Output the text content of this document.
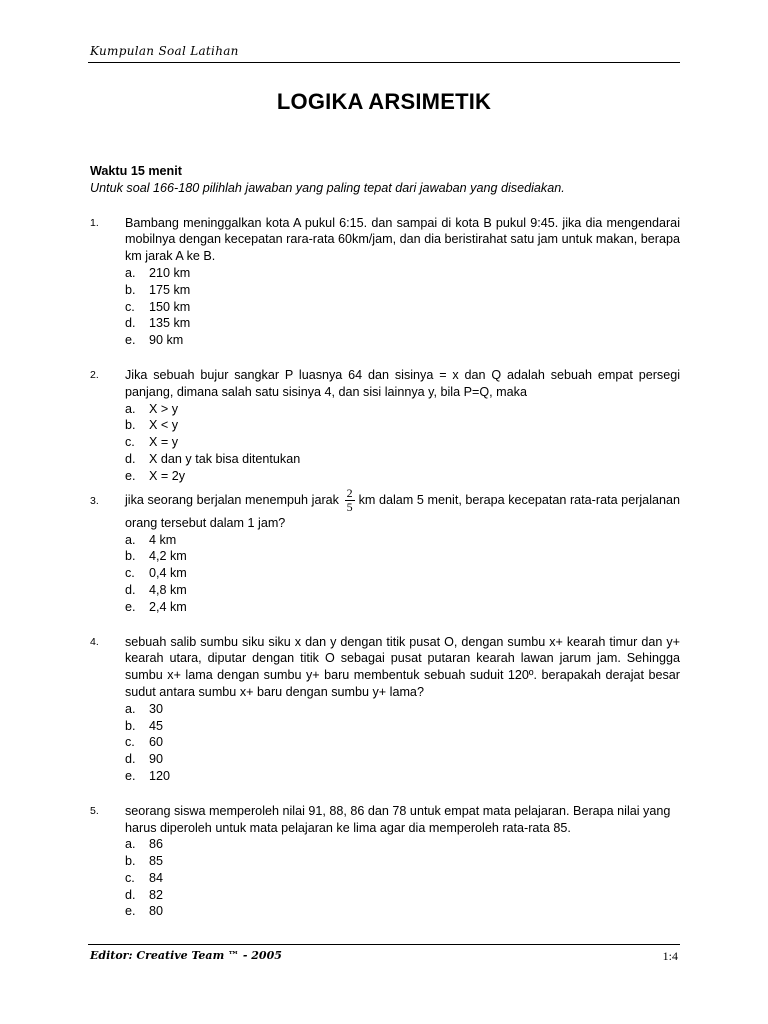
Kumpulan Soal Latihan
LOGIKA ARSIMETIK
Waktu 15 menit
Untuk soal 166-180 pilihlah jawaban yang paling tepat dari jawaban yang disediakan.
1. Bambang meninggalkan kota A pukul 6:15. dan sampai di kota B pukul 9:45. jika dia mengendarai mobilnya dengan kecepatan rara-rata 60km/jam, dan dia beristirahat satu jam untuk makan, berapa km jarak A ke B.
a.	210 km
b.	175 km
c.	150 km
d.	135 km
e.	90 km
2. Jika sebuah bujur sangkar P luasnya 64 dan sisinya = x dan Q adalah sebuah empat persegi panjang, dimana salah satu sisinya 4, dan sisi lainnya y, bila P=Q, maka
a.	X > y
b.	X < y
c.	X = y
d.	X dan y tak bisa ditentukan
e.	X = 2y
3. jika seorang berjalan menempuh jarak $\frac{2}{5}$ km dalam 5 menit, berapa kecepatan rata-rata perjalanan orang tersebut dalam 1 jam?
a.	4 km
b.	4,2 km
c.	0,4 km
d.	4,8 km
e.	2,4 km
4. sebuah salib sumbu siku siku x dan y dengan titik pusat O, dengan sumbu x+ kearah timur dan y+ kearah utara, diputar dengan titik O sebagai pusat putaran kearah lawan jarum jam. Sehingga sumbu x+ lama dengan sumbu y+ baru membentuk sebuah suduit 120º. berapakah derajat besar sudut antara sumbu x+ baru dengan sumbu y+ lama?
a.	30
b.	45
c.	60
d.	90
e.	120
5. seorang siswa memperoleh nilai 91, 88, 86 dan 78 untuk empat mata pelajaran. Berapa nilai yang harus diperoleh untuk mata pelajaran ke lima agar dia memperoleh rata-rata 85.
a.	86
b.	85
c.	84
d.	82
e.	80
Editor: Creative Team ™ - 2005	1:4
